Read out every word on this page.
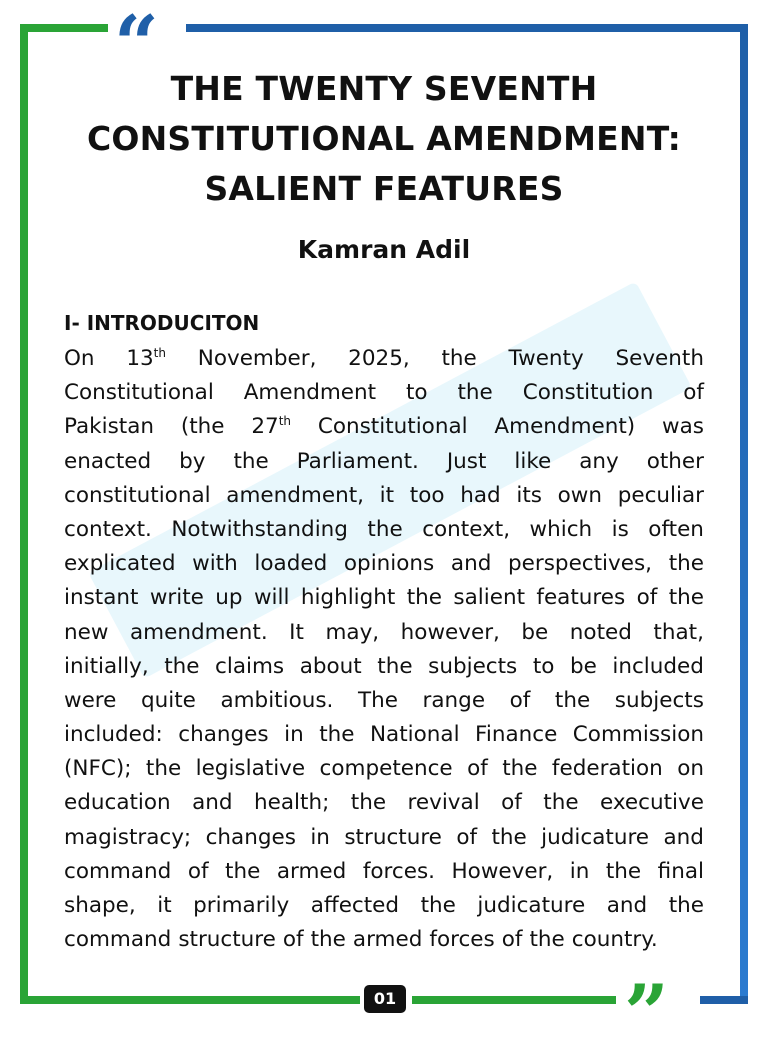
“
”
THE TWENTY SEVENTH
CONSTITUTIONAL AMENDMENT:
SALIENT FEATURES
Kamran Adil
I- INTRODUCITON
On 13th November, 2025, the Twenty Seventh
Constitutional Amendment to the Constitution of
Pakistan (the 27th Constitutional Amendment) was
enacted by the Parliament. Just like any other
constitutional amendment, it too had its own peculiar
context. Notwithstanding the context, which is often
explicated with loaded opinions and perspectives, the
instant write up will highlight the salient features of the
new amendment. It may, however, be noted that,
initially, the claims about the subjects to be included
were quite ambitious. The range of the subjects
included: changes in the National Finance Commission
(NFC); the legislative competence of the federation on
education and health; the revival of the executive
magistracy; changes in structure of the judicature and
command of the armed forces. However, in the final
shape, it primarily affected the judicature and the
command structure of the armed forces of the country.
01
